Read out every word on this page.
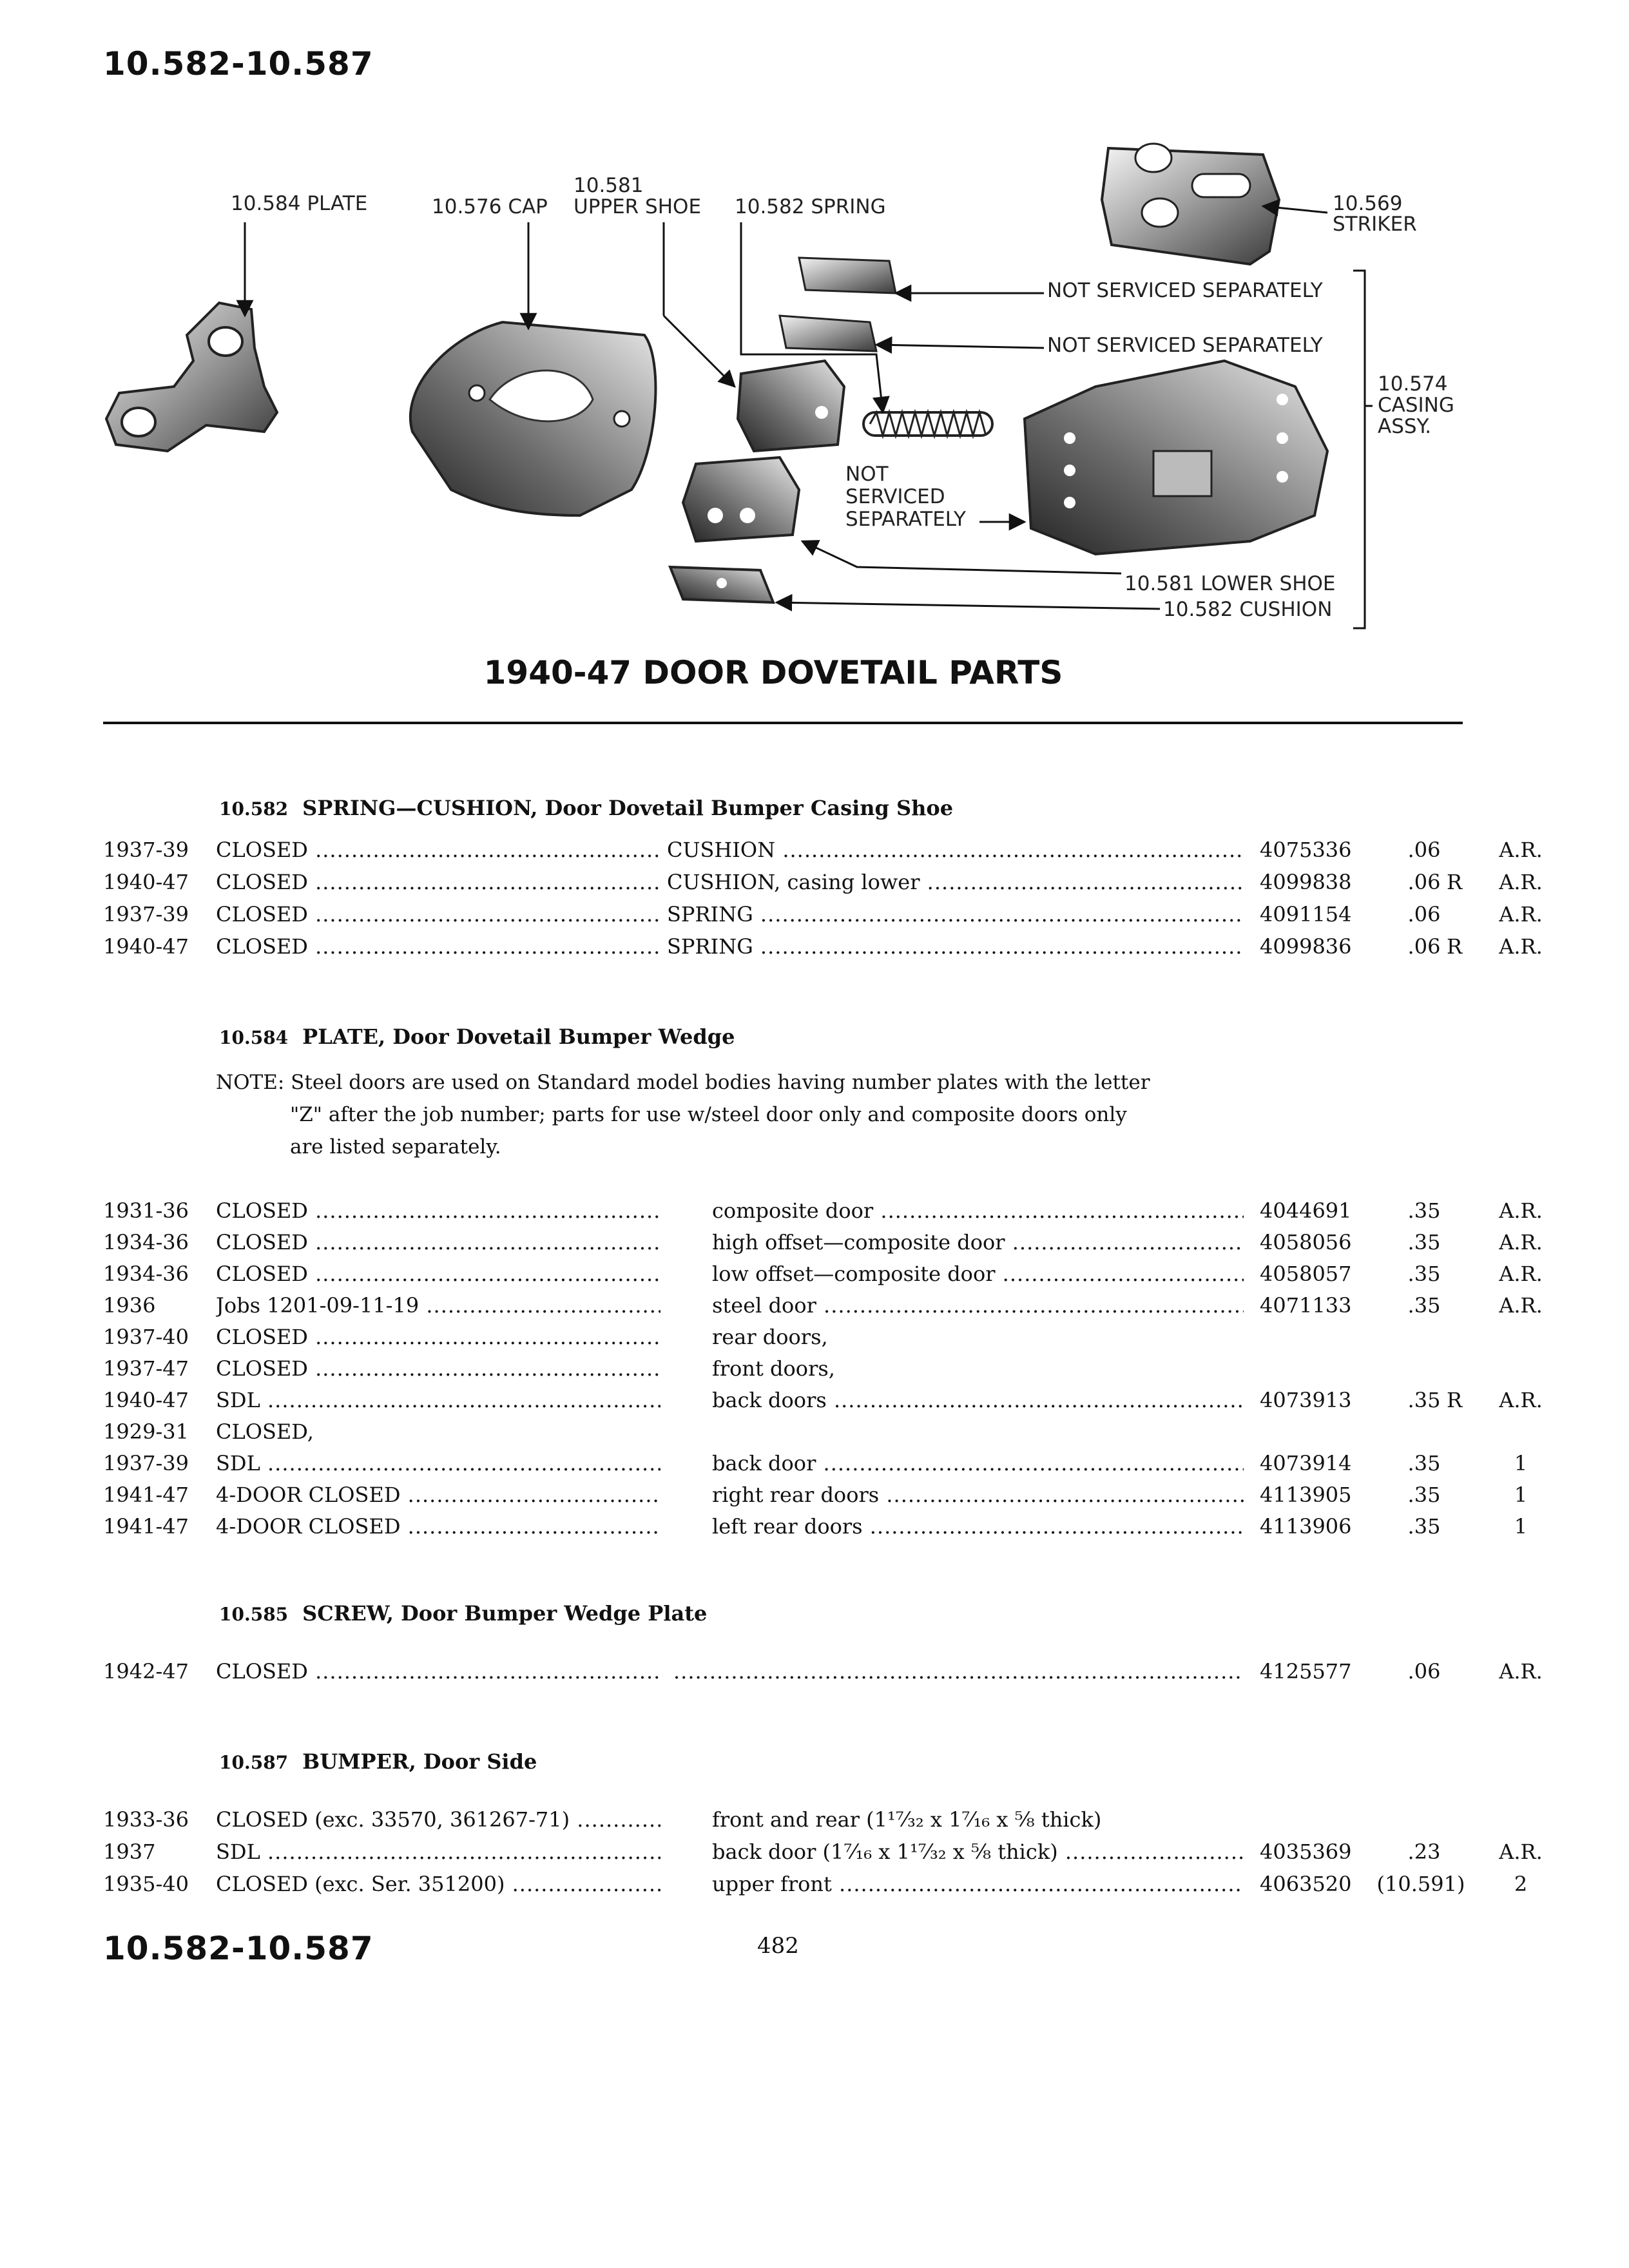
10.582-10.587
10.584 PLATE	10.576 CAP
10.581
UPPER SHOE 10.582 SPRING	10.569
STRIKER
NOT SERVICED SEPARATELY
NOT SERVICED SEPARATELY
10.574
CASING
ASSY.
NOT
SERVICED
SEPARATELY
10.581 LOWER SHOE
10.582 CUSHION
1940-47 DOOR DOVETAIL PARTS
10.582 SPRING—CUSHION, Door Dovetail Bumper Casing Shoe
1937-39	CLOSED .....	CUSHION .....	4075336	.06	A.R.
1940-47	CLOSED .....	CUSHION, casing lower .....	4099838	.06 R	A.R.
1937-39	CLOSED .....	SPRING .....	4091154	.06	A.R.
1940-47	CLOSED .....	SPRING .....	4099836	.06 R	A.R.
10.584 PLATE, Door Dovetail Bumper Wedge
NOTE: Steel doors are used on Standard model bodies having number plates with the letter
"Z" after the job number; parts for use w/steel door only and composite doors only
are listed separately.
1931-36	CLOSED .....	composite door .....	4044691	.35	A.R.
1934-36	CLOSED .....	high offset—composite door .....	4058056	.35	A.R.
1934-36	CLOSED .....	low offset—composite door .....	4058057	.35	A.R.
1936	Jobs 1201-09-11-19 .....	steel door .....	4071133	.35	A.R.
1937-40	CLOSED .....	rear doors,
1937-47	CLOSED .....	front doors,
1940-47	SDL .....	back doors .....	4073913	.35 R	A.R.
1929-31	CLOSED,
1937-39	SDL .....	back door .....	4073914	.35	1
1941-47	4-DOOR CLOSED .....	right rear doors .....	4113905	.35	1
1941-47	4-DOOR CLOSED .....	left rear doors .....	4113906	.35	1
10.585 SCREW, Door Bumper Wedge Plate
1942-47	CLOSED .....
.....	4125577	.06	A.R.
10.587 BUMPER, Door Side
1933-36	CLOSED (exc. 33570, 361267-71) .....	front and rear (1¹⁷⁄₃₂ x 1⁷⁄₁₆ x ⅝ thick)
1937	SDL .....	back door (1⁷⁄₁₆ x 1¹⁷⁄₃₂ x ⅝ thick) .....	4035369	.23	A.R.
1935-40	CLOSED (exc. Ser. 351200) .....	upper front .....	4063520	(10.591)	2
10.582-10.587	482
